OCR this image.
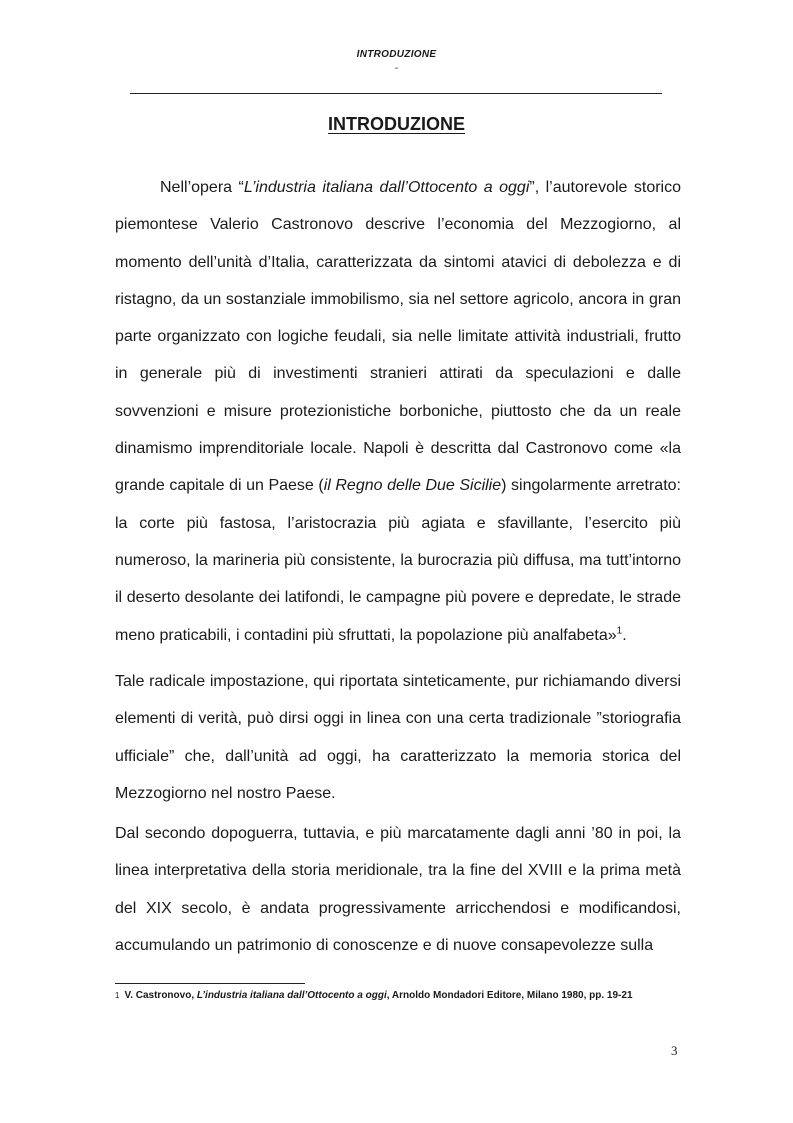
INTRODUZIONE
-
INTRODUZIONE

Nell’opera “L’industria italiana dall’Ottocento a oggi”, l’autorevole storico piemontese Valerio Castronovo descrive l’economia del Mezzogiorno, al momento dell’unità d’Italia, caratterizzata da sintomi atavici di debolezza e di ristagno, da un sostanziale immobilismo, sia nel settore agricolo, ancora in gran parte organizzato con logiche feudali, sia nelle limitate attività industriali, frutto in generale più di investimenti stranieri attirati da speculazioni e dalle sovvenzioni e misure protezionistiche borboniche, piuttosto che da un reale dinamismo imprenditoriale locale. Napoli è descritta dal Castronovo come «la grande capitale di un Paese (il Regno delle Due Sicilie) singolarmente arretrato: la corte più fastosa, l’aristocrazia più agiata e sfavillante, l’esercito più numeroso, la marineria più consistente, la burocrazia più diffusa, ma tutt’intorno il deserto desolante dei latifondi, le campagne più povere e depredate, le strade meno praticabili, i contadini più sfruttati, la popolazione più analfabeta»$^1$.

Tale radicale impostazione, qui riportata sinteticamente, pur richiamando diversi elementi di verità, può dirsi oggi in linea con una certa tradizionale ”storiografia ufficiale” che, dall’unità ad oggi, ha caratterizzato la memoria storica del Mezzogiorno nel nostro Paese.

Dal secondo dopoguerra, tuttavia, e più marcatamente dagli anni ’80 in poi, la linea interpretativa della storia meridionale, tra la fine del XVIII e la prima metà del XIX secolo, è andata progressivamente arricchendosi e modificandosi, accumulando un patrimonio di conoscenze e di nuove consapevolezze sulla

1 V. Castronovo, L’industria italiana dall’Ottocento a oggi, Arnoldo Mondadori Editore, Milano 1980, pp. 19-21
3
